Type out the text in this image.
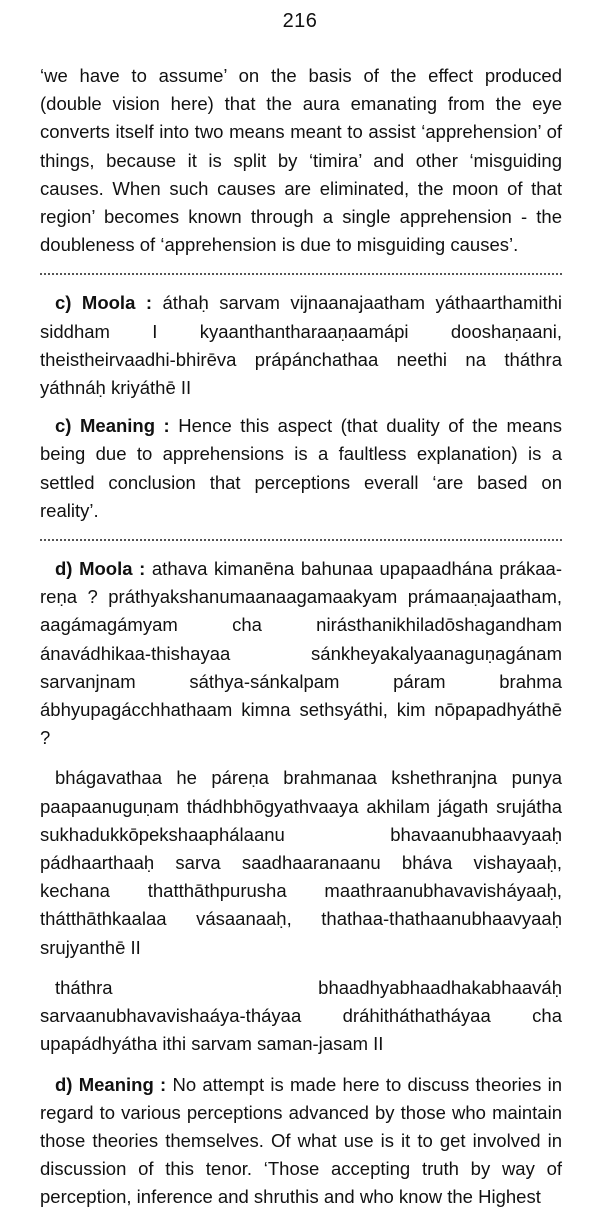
216

‘we have to assume’ on the basis of the effect produced (double vision here) that the aura emanating from the eye converts itself into two means meant to assist ‘apprehension’ of things, because it is split by ‘timira’ and other ‘misguiding causes. When such causes are eliminated, the moon of that region’ becomes known through a single apprehension - the doubleness of ‘apprehension is due to misguiding causes’.

c) Moola : áthaḥ sarvam vijnaanajaatham yáthaarthamithi siddham I kyaanthantharaaṇaamápi dooshaṇaani, theistheirvaadhi-bhirēva prápánchathaa neethi na tháthra yáthnáḥ kriyáthē II

c) Meaning : Hence this aspect (that duality of the means being due to apprehensions is a faultless explanation) is a settled conclusion that perceptions everall ‘are based on reality’.

d) Moola : athava kimanēna bahunaa upapaadhána prákaa-reṇa ? práthyakshanumaanaagamaakyam prámaaṇajaatham, aagámagámyam cha nirásthanikhiladōshagandham ánavádhikaa-thishayaa sánkheyakalyaanaguṇagánam sarvanjnam sáthya-sánkalpam páram brahma ábhyupagácchhathaam kimna sethsyáthi, kim nōpapadhyáthē ?

bhágavathaa he páreṇa brahmanaa kshethranjna punya paapaanuguṇam thádhbhōgyathvaaya akhilam jágath srujátha sukhadukkōpekshaaphálaanu bhavaanubhaavyaaḥ pádhaarthaaḥ sarva saadhaaranaanu bháva vishayaaḥ, kechana thatthāthpurusha maathraanubhavavisháyaaḥ, thátthāthkaalaa vásaanaaḥ, thathaa-thathaanubhaavyaaḥ srujyanthē II

tháthra bhaadhyabhaadhakabhaaváḥ sarvaanubhavavishaáya-tháyaa dráhitháthatháyaa cha upapádhyátha ithi sarvam saman-jasam II

d) Meaning : No attempt is made here to discuss theories in regard to various perceptions advanced by those who maintain those theories themselves. Of what use is it to get involved in discussion of this tenor. ‘Those accepting truth by way of perception, inference and shruthis and who know the Highest
